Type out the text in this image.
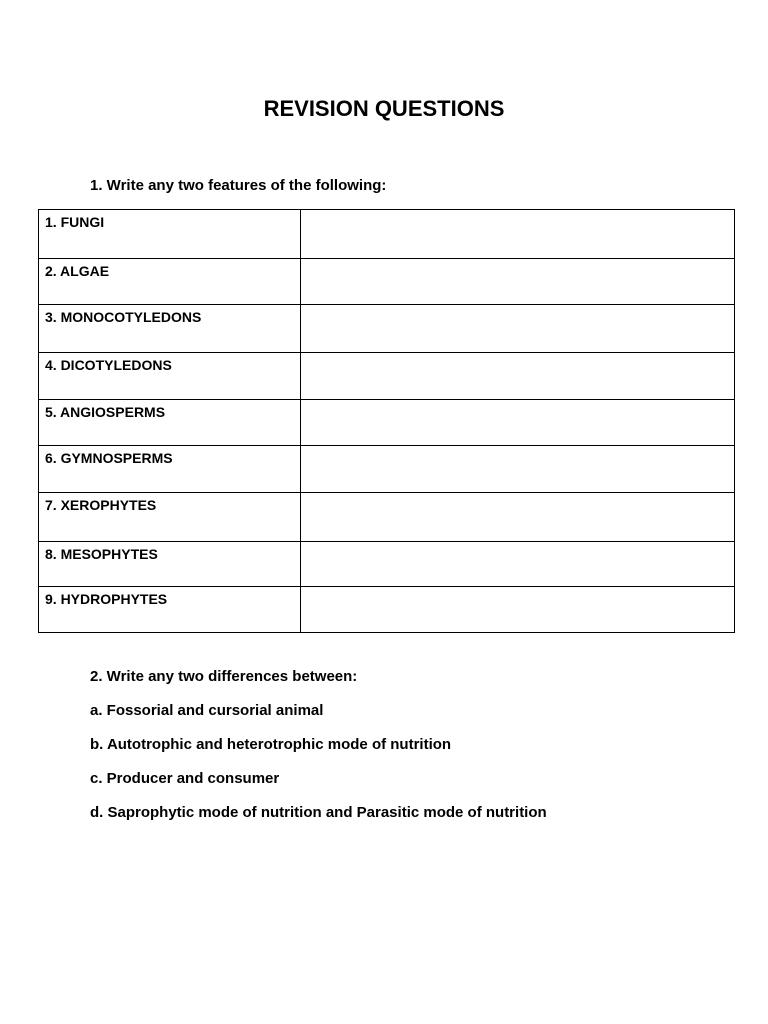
REVISION QUESTIONS
1. Write any two features of the following:
1. FUNGI	
2. ALGAE	
3. MONOCOTYLEDONS	
4. DICOTYLEDONS	
5. ANGIOSPERMS	
6. GYMNOSPERMS	
7. XEROPHYTES	
8. MESOPHYTES	
9. HYDROPHYTES	
2. Write any two differences between:
a. Fossorial and cursorial animal
b. Autotrophic and heterotrophic mode of nutrition
c. Producer and consumer
d. Saprophytic mode of nutrition and Parasitic mode of nutrition
